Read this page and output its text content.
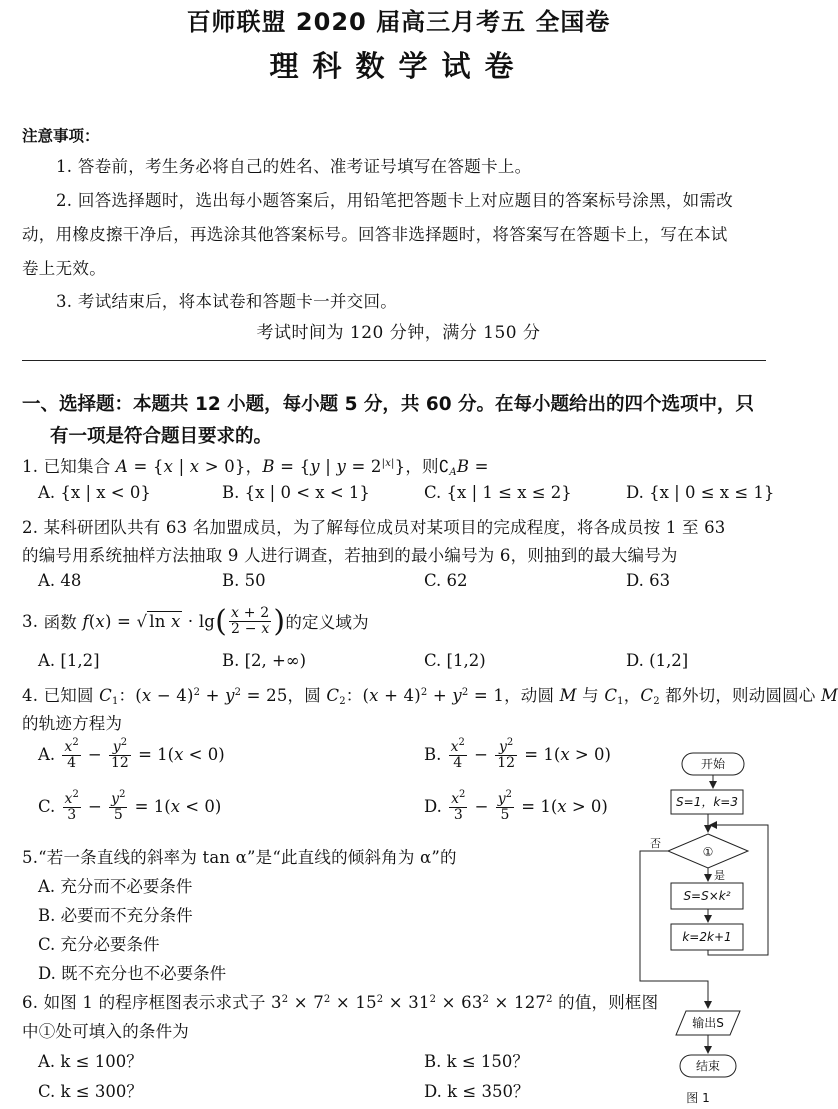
百师联盟 2020 届高三月考五 全国卷
理科数学试卷
注意事项：
1. 答卷前，考生务必将自己的姓名、准考证号填写在答题卡上。
2. 回答选择题时，选出每小题答案后，用铅笔把答题卡上对应题目的答案标号涂黑，如需改
动，用橡皮擦干净后，再选涂其他答案标号。回答非选择题时，将答案写在答题卡上，写在本试
卷上无效。
3. 考试结束后，将本试卷和答题卡一并交回。
考试时间为 120 分钟，满分 150 分
一、选择题：本题共 12 小题，每小题 5 分，共 60 分。在每小题给出的四个选项中，只
有一项是符合题目要求的。
1. 已知集合 A = {x | x > 0}，B = {y | $y = 2^{|x|}$}，则$∁_AB$ =
A. {x | x < 0}	B. {x | 0 < x < 1}	C. {x | 1 ≤ x ≤ 2}	D. {x | 0 ≤ x ≤ 1}
2. 某科研团队共有 63 名加盟成员，为了解每位成员对某项目的完成程度，将各成员按 1 至 63
的编号用系统抽样方法抽取 9 人进行调查，若抽到的最小编号为 6，则抽到的最大编号为
A. 48	B. 50	C. 62	D. 63
3.
函数
f ( x ) = √ ln x · lg ( $\frac{x + 2}{2 - x}$ ) 的定义域为
A. [1,2]	B. [2, +∞)	C. [1,2)	D. (1,2]
4. 已知圆 $C_1$：$(x - 4)^2 + y^2 = 25$，圆 $C_2$：$(x + 4)^2 + y^2 = 1$，动圆 M 与 $C_1$，$C_2$ 都外切，则动圆圆心 M
的轨迹方程为
A. $\frac{x^2}{4} - \frac{y^2}{12} = 1(x < 0)$	B. $\frac{x^2}{4} - \frac{y^2}{12} = 1(x > 0)$
C. $\frac{x^2}{3} - \frac{y^2}{5} = 1(x < 0)$	D. $\frac{x^2}{3} - \frac{y^2}{5} = 1(x > 0)$
5.“若一条直线的斜率为 tan α”是“此直线的倾斜角为 α”的
A. 充分而不必要条件
B. 必要而不充分条件
C. 充分必要条件
D. 既不充分也不必要条件
6. 如图 1 的程序框图表示求式子 $3^2 \times 7^2 \times 15^2 \times 31^2 \times 63^2 \times 127^2$ 的值，则框图
中①处可填入的条件为
A. k ≤ 100？	B. k ≤ 150？
C. k ≤ 300？	D. k ≤ 350？
开始
S=1，k=3
①
是
否
S=S×k²
k=2k+1
输出S
结束
图 1
